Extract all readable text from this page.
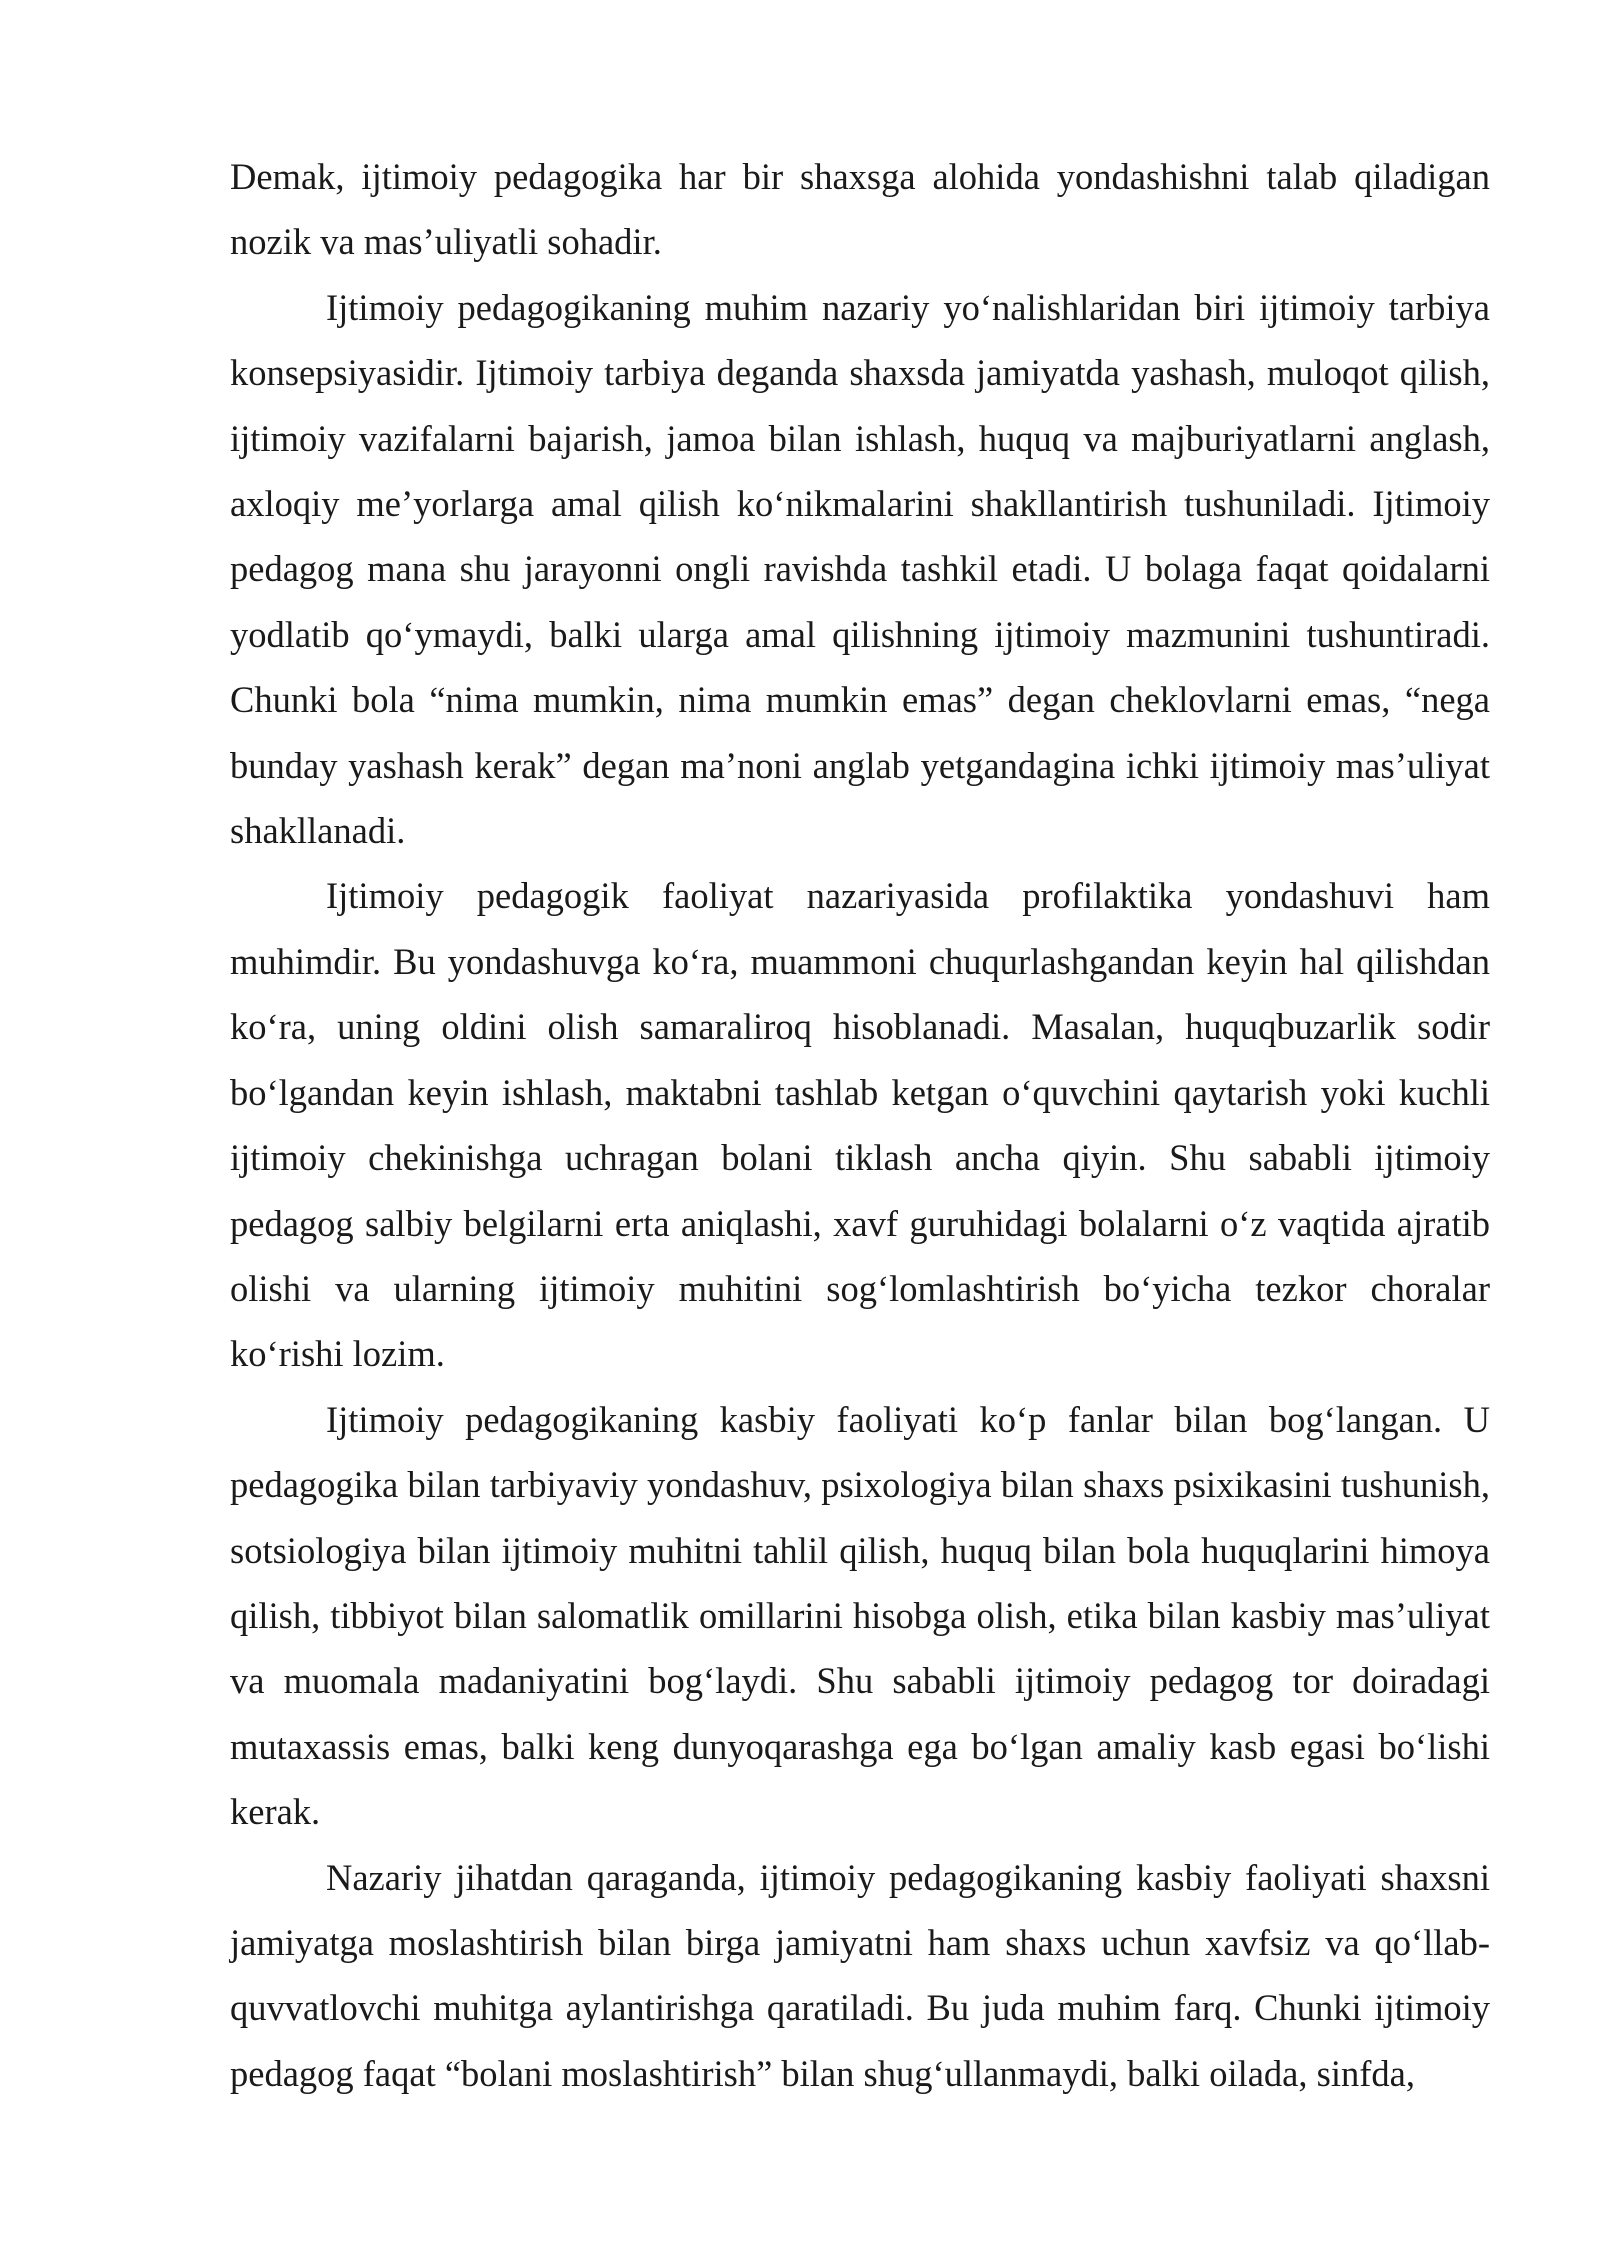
Demak, ijtimoiy pedagogika har bir shaxsga alohida yondashishni talab qiladigan nozik va mas’uliyatli sohadir.

Ijtimoiy pedagogikaning muhim nazariy yo‘nalishlaridan biri ijtimoiy tarbiya konsepsiyasidir. Ijtimoiy tarbiya deganda shaxsda jamiyatda yashash, muloqot qilish, ijtimoiy vazifalarni bajarish, jamoa bilan ishlash, huquq va majburiyatlarni anglash, axloqiy me’yorlarga amal qilish ko‘nikmalarini shakllantirish tushuniladi. Ijtimoiy pedagog mana shu jarayonni ongli ravishda tashkil etadi. U bolaga faqat qoidalarni yodlatib qo‘ymaydi, balki ularga amal qilishning ijtimoiy mazmunini tushuntiradi. Chunki bola “nima mumkin, nima mumkin emas” degan cheklovlarni emas, “nega bunday yashash kerak” degan ma’noni anglab yetgandagina ichki ijtimoiy mas’uliyat shakllanadi.

Ijtimoiy pedagogik faoliyat nazariyasida profilaktika yondashuvi ham muhimdir. Bu yondashuvga ko‘ra, muammoni chuqurlashgandan keyin hal qilishdan ko‘ra, uning oldini olish samaraliroq hisoblanadi. Masalan, huquqbuzarlik sodir bo‘lgandan keyin ishlash, maktabni tashlab ketgan o‘quvchini qaytarish yoki kuchli ijtimoiy chekinishga uchragan bolani tiklash ancha qiyin. Shu sababli ijtimoiy pedagog salbiy belgilarni erta aniqlashi, xavf guruhidagi bolalarni o‘z vaqtida ajratib olishi va ularning ijtimoiy muhitini sog‘lomlashtirish bo‘yicha tezkor choralar ko‘rishi lozim.

Ijtimoiy pedagogikaning kasbiy faoliyati ko‘p fanlar bilan bog‘langan. U pedagogika bilan tarbiyaviy yondashuv, psixologiya bilan shaxs psixikasini tushunish, sotsiologiya bilan ijtimoiy muhitni tahlil qilish, huquq bilan bola huquqlarini himoya qilish, tibbiyot bilan salomatlik omillarini hisobga olish, etika bilan kasbiy mas’uliyat va muomala madaniyatini bog‘laydi. Shu sababli ijtimoiy pedagog tor doiradagi mutaxassis emas, balki keng dunyoqarashga ega bo‘lgan amaliy kasb egasi bo‘lishi kerak.

Nazariy jihatdan qaraganda, ijtimoiy pedagogikaning kasbiy faoliyati shaxsni jamiyatga moslashtirish bilan birga jamiyatni ham shaxs uchun xavfsiz va qo‘llab-quvvatlovchi muhitga aylantirishga qaratiladi. Bu juda muhim farq. Chunki ijtimoiy pedagog faqat “bolani moslashtirish” bilan shug‘ullanmaydi, balki oilada, sinfda,
